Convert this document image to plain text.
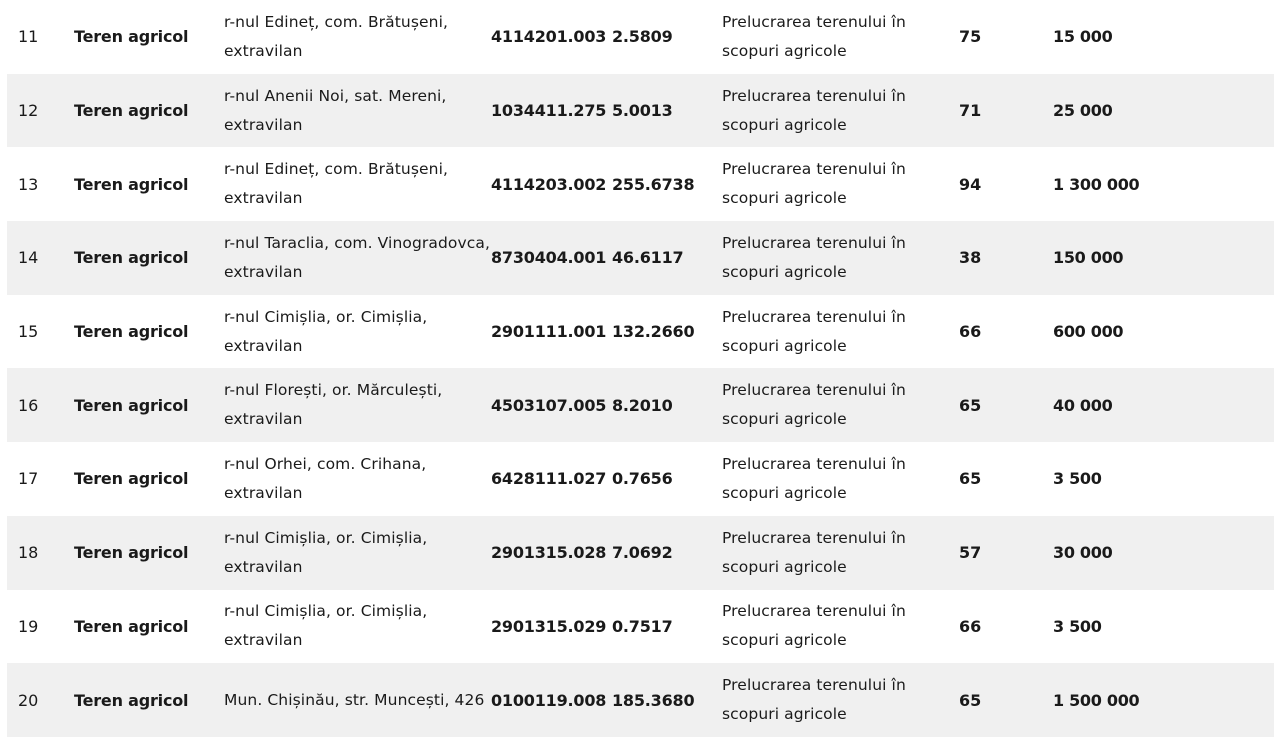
11	Teren agricol	r-nul Edineț, com. Brătușeni, extravilan	4114201.003	2.5809	Prelucrarea terenului în scopuri agricole	75	15 000
12	Teren agricol	r-nul Anenii Noi, sat. Mereni, extravilan	1034411.275	5.0013	Prelucrarea terenului în scopuri agricole	71	25 000
13	Teren agricol	r-nul Edineț, com. Brătușeni, extravilan	4114203.002	255.6738	Prelucrarea terenului în scopuri agricole	94	1 300 000
14	Teren agricol	r-nul Taraclia, com. Vinogradovca, extravilan	8730404.001	46.6117	Prelucrarea terenului în scopuri agricole	38	150 000
15	Teren agricol	r-nul Cimișlia, or. Cimișlia, extravilan	2901111.001	132.2660	Prelucrarea terenului în scopuri agricole	66	600 000
16	Teren agricol	r-nul Florești, or. Mărculești, extravilan	4503107.005	8.2010	Prelucrarea terenului în scopuri agricole	65	40 000
17	Teren agricol	r-nul Orhei, com. Crihana, extravilan	6428111.027	0.7656	Prelucrarea terenului în scopuri agricole	65	3 500
18	Teren agricol	r-nul Cimișlia, or. Cimișlia, extravilan	2901315.028	7.0692	Prelucrarea terenului în scopuri agricole	57	30 000
19	Teren agricol	r-nul Cimișlia, or. Cimișlia, extravilan	2901315.029	0.7517	Prelucrarea terenului în scopuri agricole	66	3 500
20	Teren agricol	Mun. Chișinău, str. Muncești, 426	0100119.008	185.3680	Prelucrarea terenului în scopuri agricole	65	1 500 000
